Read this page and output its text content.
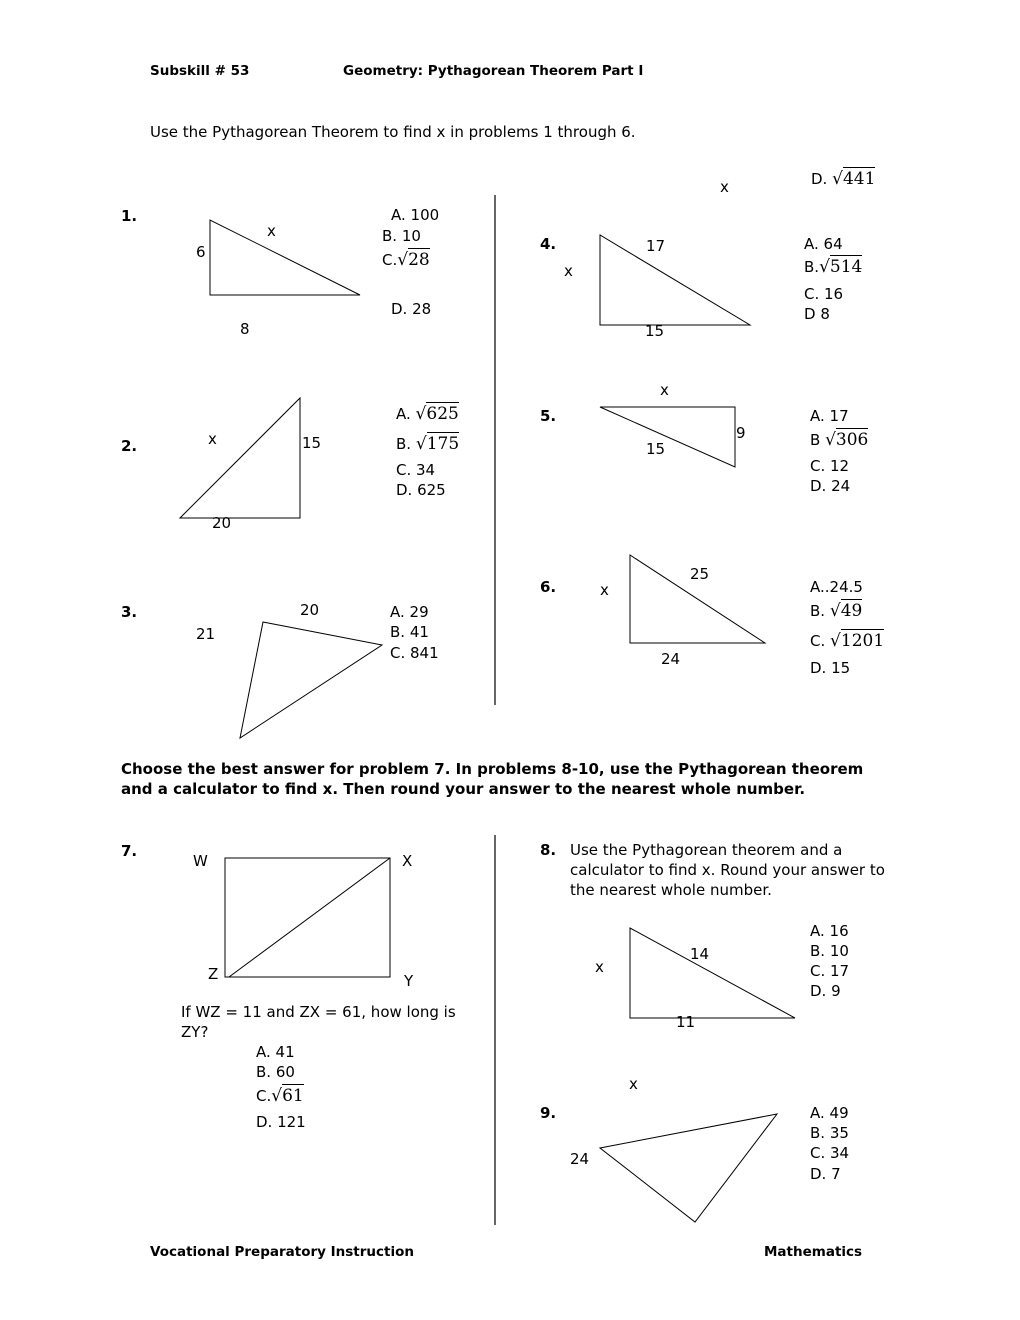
Subskill # 53	Geometry: Pythagorean Theorem Part I
Use the Pythagorean Theorem to find x in problems 1 through 6.
x	D. √441
1.
x
6
8
A. 100
B. 10
C.√28
D. 28
2.	x	15
20
A. √625
B. √175
C. 34
D. 625
3.	20
21
A. 29
B. 41
C. 841
4.	17
x
15
A. 64
B.√514
C. 16
D 8
5.
x
9
15
A. 17
B √306
C. 12
D. 24
6.
25
x
24
A..24.5
B. √49
C. √1201
D. 15
Choose the best answer for problem 7. In problems 8-10, use the Pythagorean theorem and a calculator to find x. Then round your answer to the nearest whole number.
7.
W	X
Z	Y
If WZ = 11 and ZX = 61, how long is ZY?
A. 41
B. 60
C.√61
D. 121
8. Use the Pythagorean theorem and a calculator to find x. Round your answer to the nearest whole number.
14
x
11
A. 16
B. 10
C. 17
D. 9
x
9.
24
A. 49
B. 35
C. 34
D. 7
Vocational Preparatory Instruction	Mathematics
